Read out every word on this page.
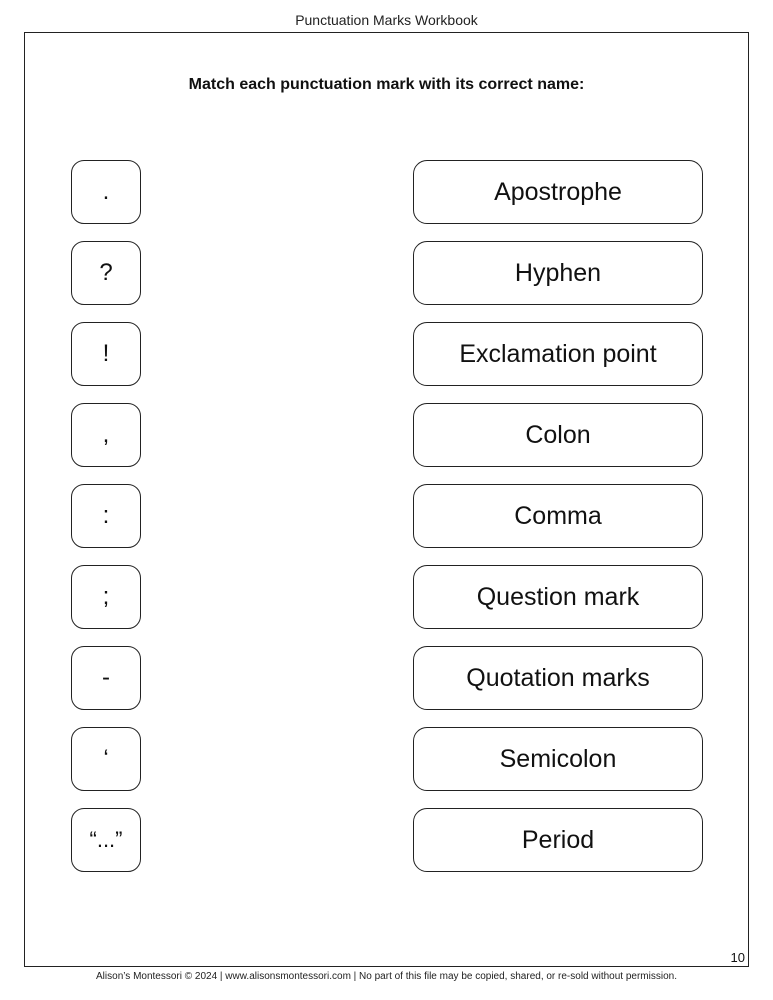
Punctuation Marks Workbook
Match each punctuation mark with its correct name:
.
?
!
,
:
;
-
‘
“...”
Apostrophe
Hyphen
Exclamation point
Colon
Comma
Question mark
Quotation marks
Semicolon
Period
10
Alison’s Montessori © 2024 | www.alisonsmontessori.com | No part of this file may be copied, shared, or re-sold without permission.
